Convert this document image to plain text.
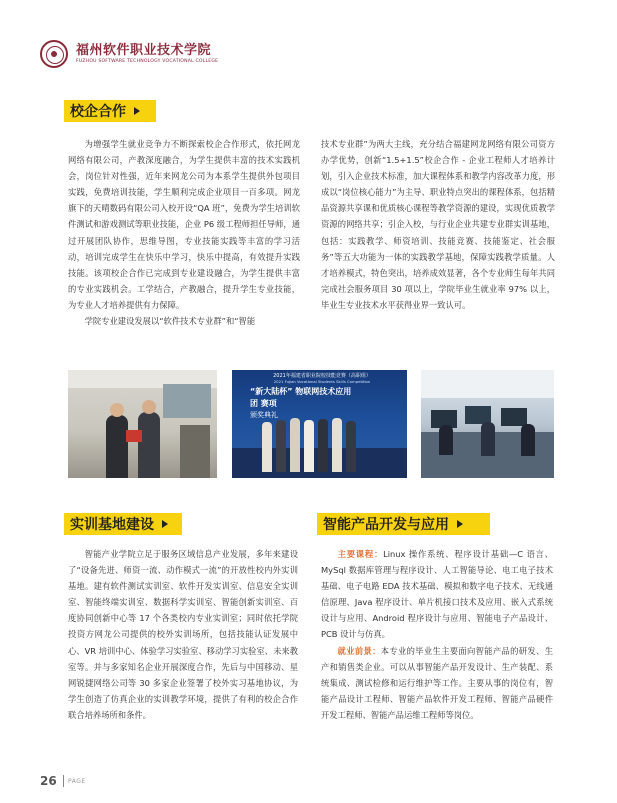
福州软件职业技术学院
FUZHOU SOFTWARE TECHNOLOGY VOCATIONAL COLLEGE
校企合作

为增强学生就业竞争力不断探索校企合作形式，依托网龙网络有限公司，产教深度融合，为学生提供丰富的技术实践机会，岗位针对性强，近年来网龙公司为本系学生提供外包项目实践，免费培训技能，学生顺利完成企业项目一百多项。网龙旗下的天晴数码有限公司入校开设“QA 班”，免费为学生培训软件测试和游戏测试等职业技能，企业 P6 级工程师担任导师，通过开展团队协作，思维导图，专业技能实践等丰富的学习活动，培训完成学生在快乐中学习，快乐中提高，有效提升实践技能。该项校企合作已完成到专业建设融合，为学生提供丰富的专业实践机会。工学结合，产教融合，提升学生专业技能，为专业人才培养提供有力保障。

学院专业建设发展以“软件技术专业群”和“智能

技术专业群”为两大主线，充分结合福建网龙网络有限公司资方办学优势，创新“1.5+1.5”校企合作 - 企业工程师人才培养计划，引入企业技术标准，加大课程体系和教学内容改革力度，形成以“岗位核心能力”为主导、职业特点突出的课程体系，包括精品资源共享课和优质核心课程等教学资源的建设，实现优质教学资源的网络共享；引企入校，与行业企业共建专业群实训基地，包括：实践教学、师资培训、技能竞赛、技能鉴定、社会服务”等五大功能为一体的实践教学基地，保障实践教学质量。人才培养模式，特色突出，培养成效显著，各个专业师生每年共同完成社会服务项目 30 项以上，学院毕业生就业率 97% 以上，毕业生专业技术水平获得业界一致认可。

2021年福建省职业院校技能竞赛（高职组）
2021 Fujian Vocational Students Skills Competition
“新大陆杯” 物联网技术应用
团 赛项
颁奖典礼
实训基地建设

智能产业学院立足于服务区域信息产业发展，多年来建设了“设备先进、师资一流、动作模式一流”的开放性校内外实训基地。建有软件测试实训室、软件开发实训室、信息安全实训室、智能终端实训室、数据科学实训室、智能创新实训室、百度协同创新中心等 17 个各类校内专业实训室；同时依托学院投资方网龙公司提供的校外实训场所，包括技能认证发展中心、VR 培训中心、体验学习实验室、移动学习实验室、未来教室等。并与多家知名企业开展深度合作，先后与中国移动、星网锐捷网络公司等 30 多家企业签署了校外实习基地协议，为学生创造了仿真企业的实训教学环境，提供了有利的校企合作联合培养场所和条件。

智能产品开发与应用

主要课程：Linux 操作系统、程序设计基础—C 语言、MySql 数据库管理与程序设计、人工智能导论、电工电子技术基础、电子电路 EDA 技术基础、模拟和数字电子技术、无线通信原理、Java 程序设计、单片机接口技术及应用、嵌入式系统设计与应用、Android 程序设计与应用、智能电子产品设计、PCB 设计与仿真。

就业前景：本专业的毕业生主要面向智能产品的研发、生产和销售类企业。可以从事智能产品开发设计、生产装配、系统集成、测试检修和运行维护等工作。主要从事的岗位有，智能产品设计工程师、智能产品软件开发工程师、智能产品硬件开发工程师、智能产品运维工程师等岗位。

26 PAGE
